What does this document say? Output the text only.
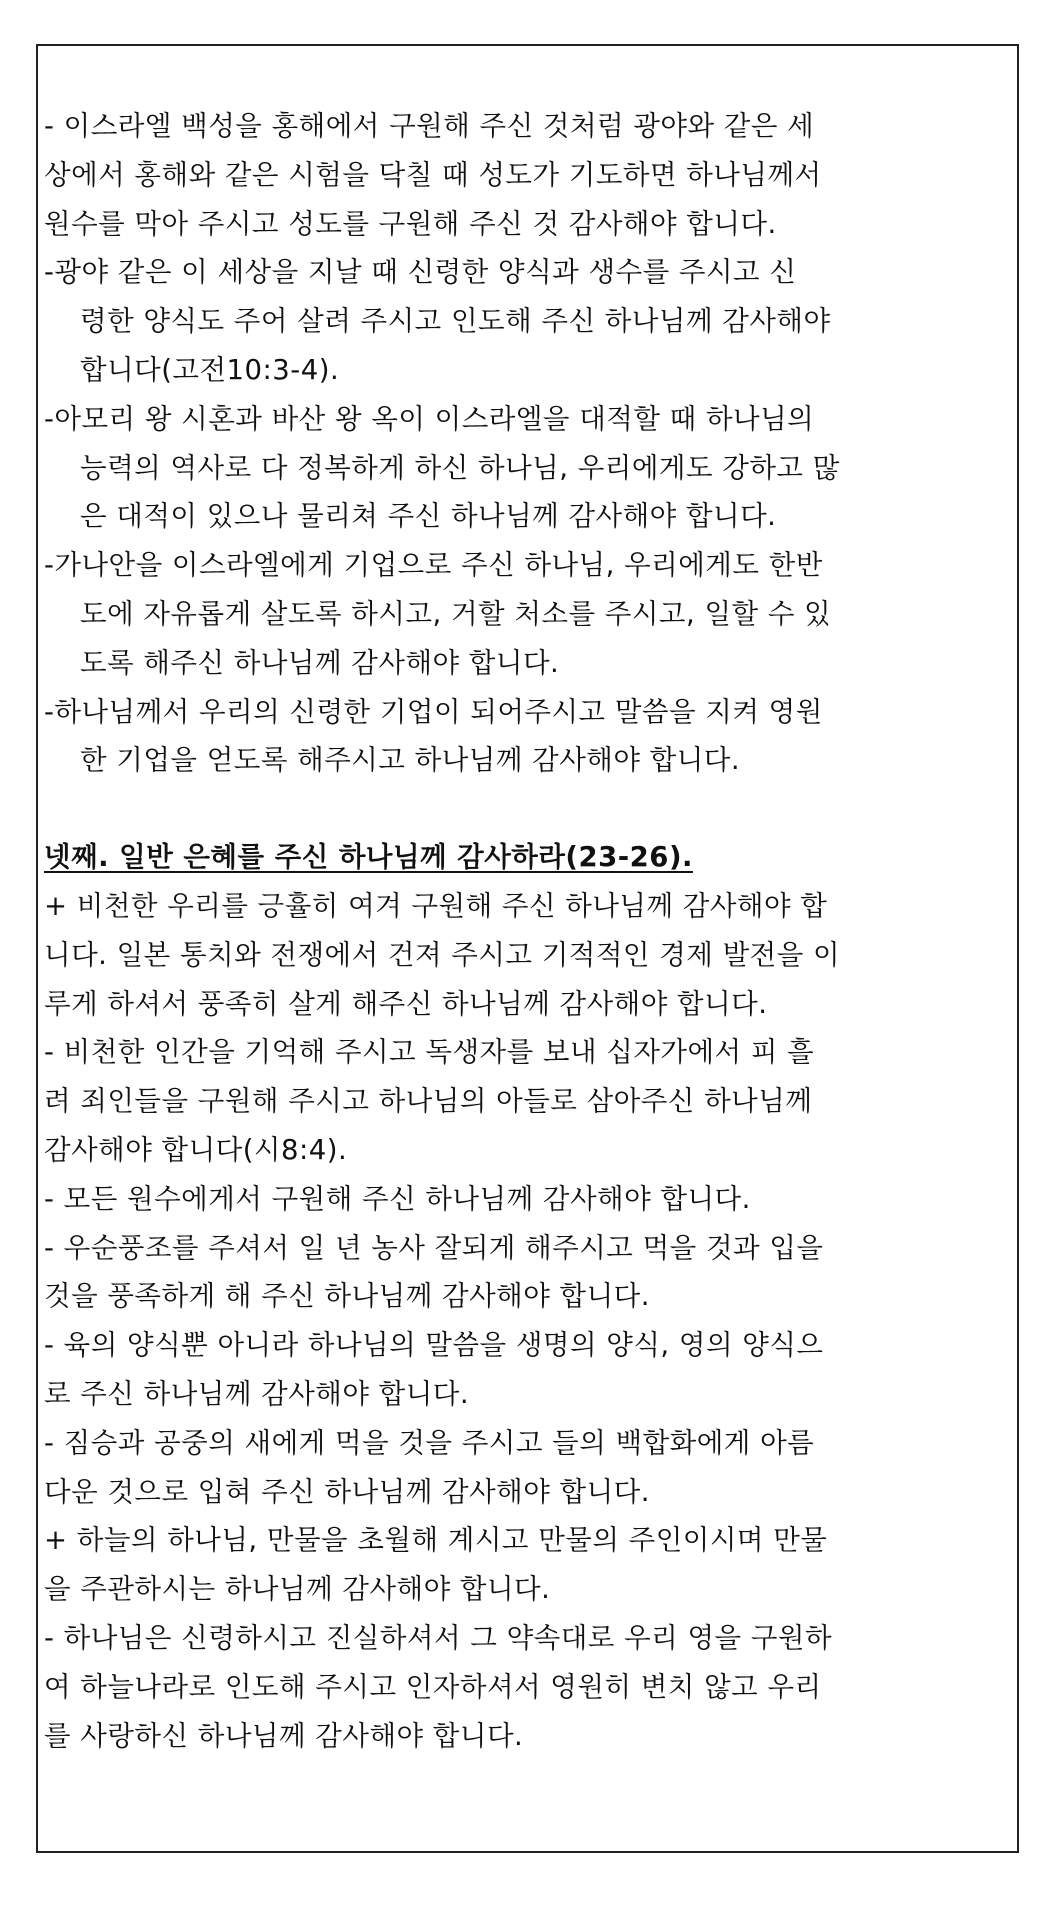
- 이스라엘 백성을 홍해에서 구원해 주신 것처럼 광야와 같은 세
상에서 홍해와 같은 시험을 닥칠 때 성도가 기도하면 하나님께서
원수를 막아 주시고 성도를 구원해 주신 것 감사해야 합니다.
-광야 같은 이 세상을 지날 때 신령한 양식과 생수를 주시고 신
령한 양식도 주어 살려 주시고 인도해 주신 하나님께 감사해야
합니다(고전10:3-4).
-아모리 왕 시혼과 바산 왕 옥이 이스라엘을 대적할 때 하나님의
능력의 역사로 다 정복하게 하신 하나님, 우리에게도 강하고 많
은 대적이 있으나 물리쳐 주신 하나님께 감사해야 합니다.
-가나안을 이스라엘에게 기업으로 주신 하나님, 우리에게도 한반
도에 자유롭게 살도록 하시고, 거할 처소를 주시고, 일할 수 있
도록 해주신 하나님께 감사해야 합니다.
-하나님께서 우리의 신령한 기업이 되어주시고 말씀을 지켜 영원
한 기업을 얻도록 해주시고 하나님께 감사해야 합니다.
넷째. 일반 은혜를 주신 하나님께 감사하라(23-26).
+ 비천한 우리를 긍휼히 여겨 구원해 주신 하나님께 감사해야 합
니다. 일본 통치와 전쟁에서 건져 주시고 기적적인 경제 발전을 이
루게 하셔서 풍족히 살게 해주신 하나님께 감사해야 합니다.
- 비천한 인간을 기억해 주시고 독생자를 보내 십자가에서 피 흘
려 죄인들을 구원해 주시고 하나님의 아들로 삼아주신 하나님께
감사해야 합니다(시8:4).
- 모든 원수에게서 구원해 주신 하나님께 감사해야 합니다.
- 우순풍조를 주셔서 일 년 농사 잘되게 해주시고 먹을 것과 입을
것을 풍족하게 해 주신 하나님께 감사해야 합니다.
- 육의 양식뿐 아니라 하나님의 말씀을 생명의 양식, 영의 양식으
로 주신 하나님께 감사해야 합니다.
- 짐승과 공중의 새에게 먹을 것을 주시고 들의 백합화에게 아름
다운 것으로 입혀 주신 하나님께 감사해야 합니다.
+ 하늘의 하나님, 만물을 초월해 계시고 만물의 주인이시며 만물
을 주관하시는 하나님께 감사해야 합니다.
- 하나님은 신령하시고 진실하셔서 그 약속대로 우리 영을 구원하
여 하늘나라로 인도해 주시고 인자하셔서 영원히 변치 않고 우리
를 사랑하신 하나님께 감사해야 합니다.
